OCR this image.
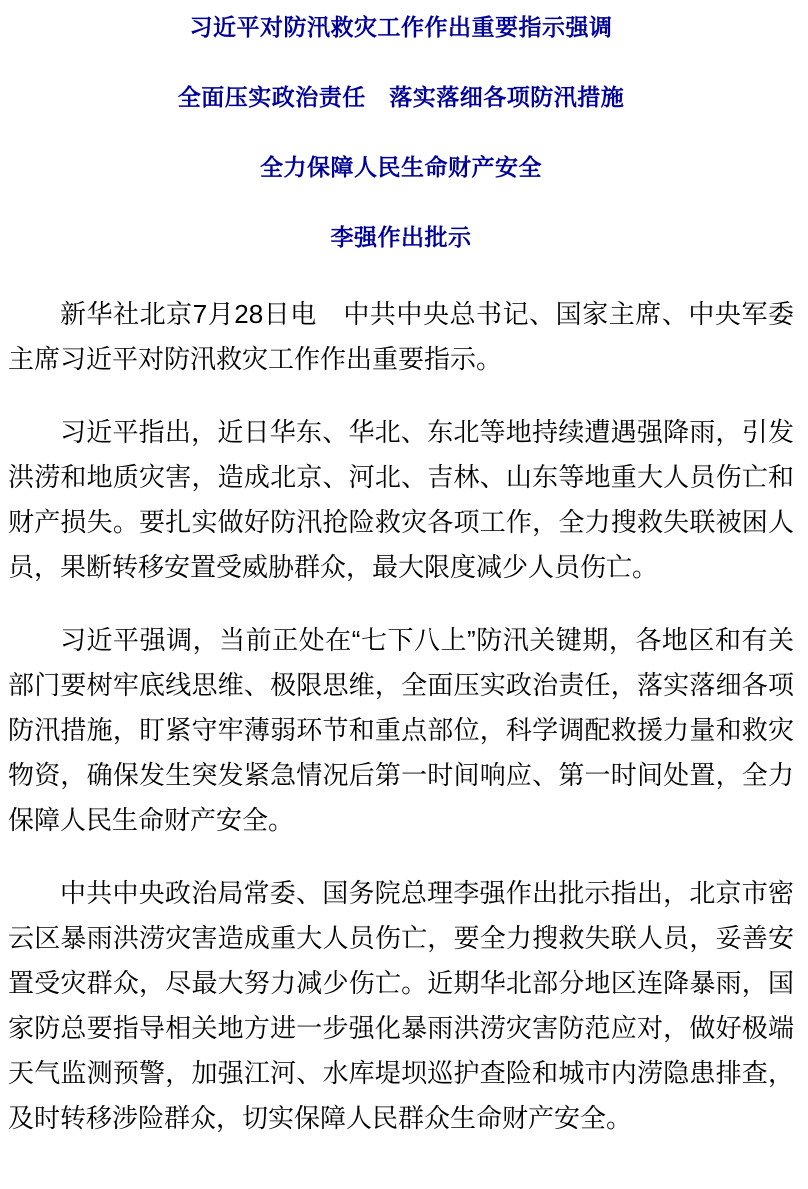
习近平对防汛救灾工作作出重要指示强调

全面压实政治责任　落实落细各项防汛措施

全力保障人民生命财产安全

李强作出批示

新华社北京7月28日电　中共中央总书记、国家主席、中央军委主席习近平对防汛救灾工作作出重要指示。

习近平指出，近日华东、华北、东北等地持续遭遇强降雨，引发洪涝和地质灾害，造成北京、河北、吉林、山东等地重大人员伤亡和财产损失。要扎实做好防汛抢险救灾各项工作，全力搜救失联被困人员，果断转移安置受威胁群众，最大限度减少人员伤亡。

习近平强调，当前正处在“七下八上”防汛关键期，各地区和有关部门要树牢底线思维、极限思维，全面压实政治责任，落实落细各项防汛措施，盯紧守牢薄弱环节和重点部位，科学调配救援力量和救灾物资，确保发生突发紧急情况后第一时间响应、第一时间处置，全力保障人民生命财产安全。

中共中央政治局常委、国务院总理李强作出批示指出，北京市密云区暴雨洪涝灾害造成重大人员伤亡，要全力搜救失联人员，妥善安置受灾群众，尽最大努力减少伤亡。近期华北部分地区连降暴雨，国家防总要指导相关地方进一步强化暴雨洪涝灾害防范应对，做好极端天气监测预警，加强江河、水库堤坝巡护查险和城市内涝隐患排查，及时转移涉险群众，切实保障人民群众生命财产安全。
